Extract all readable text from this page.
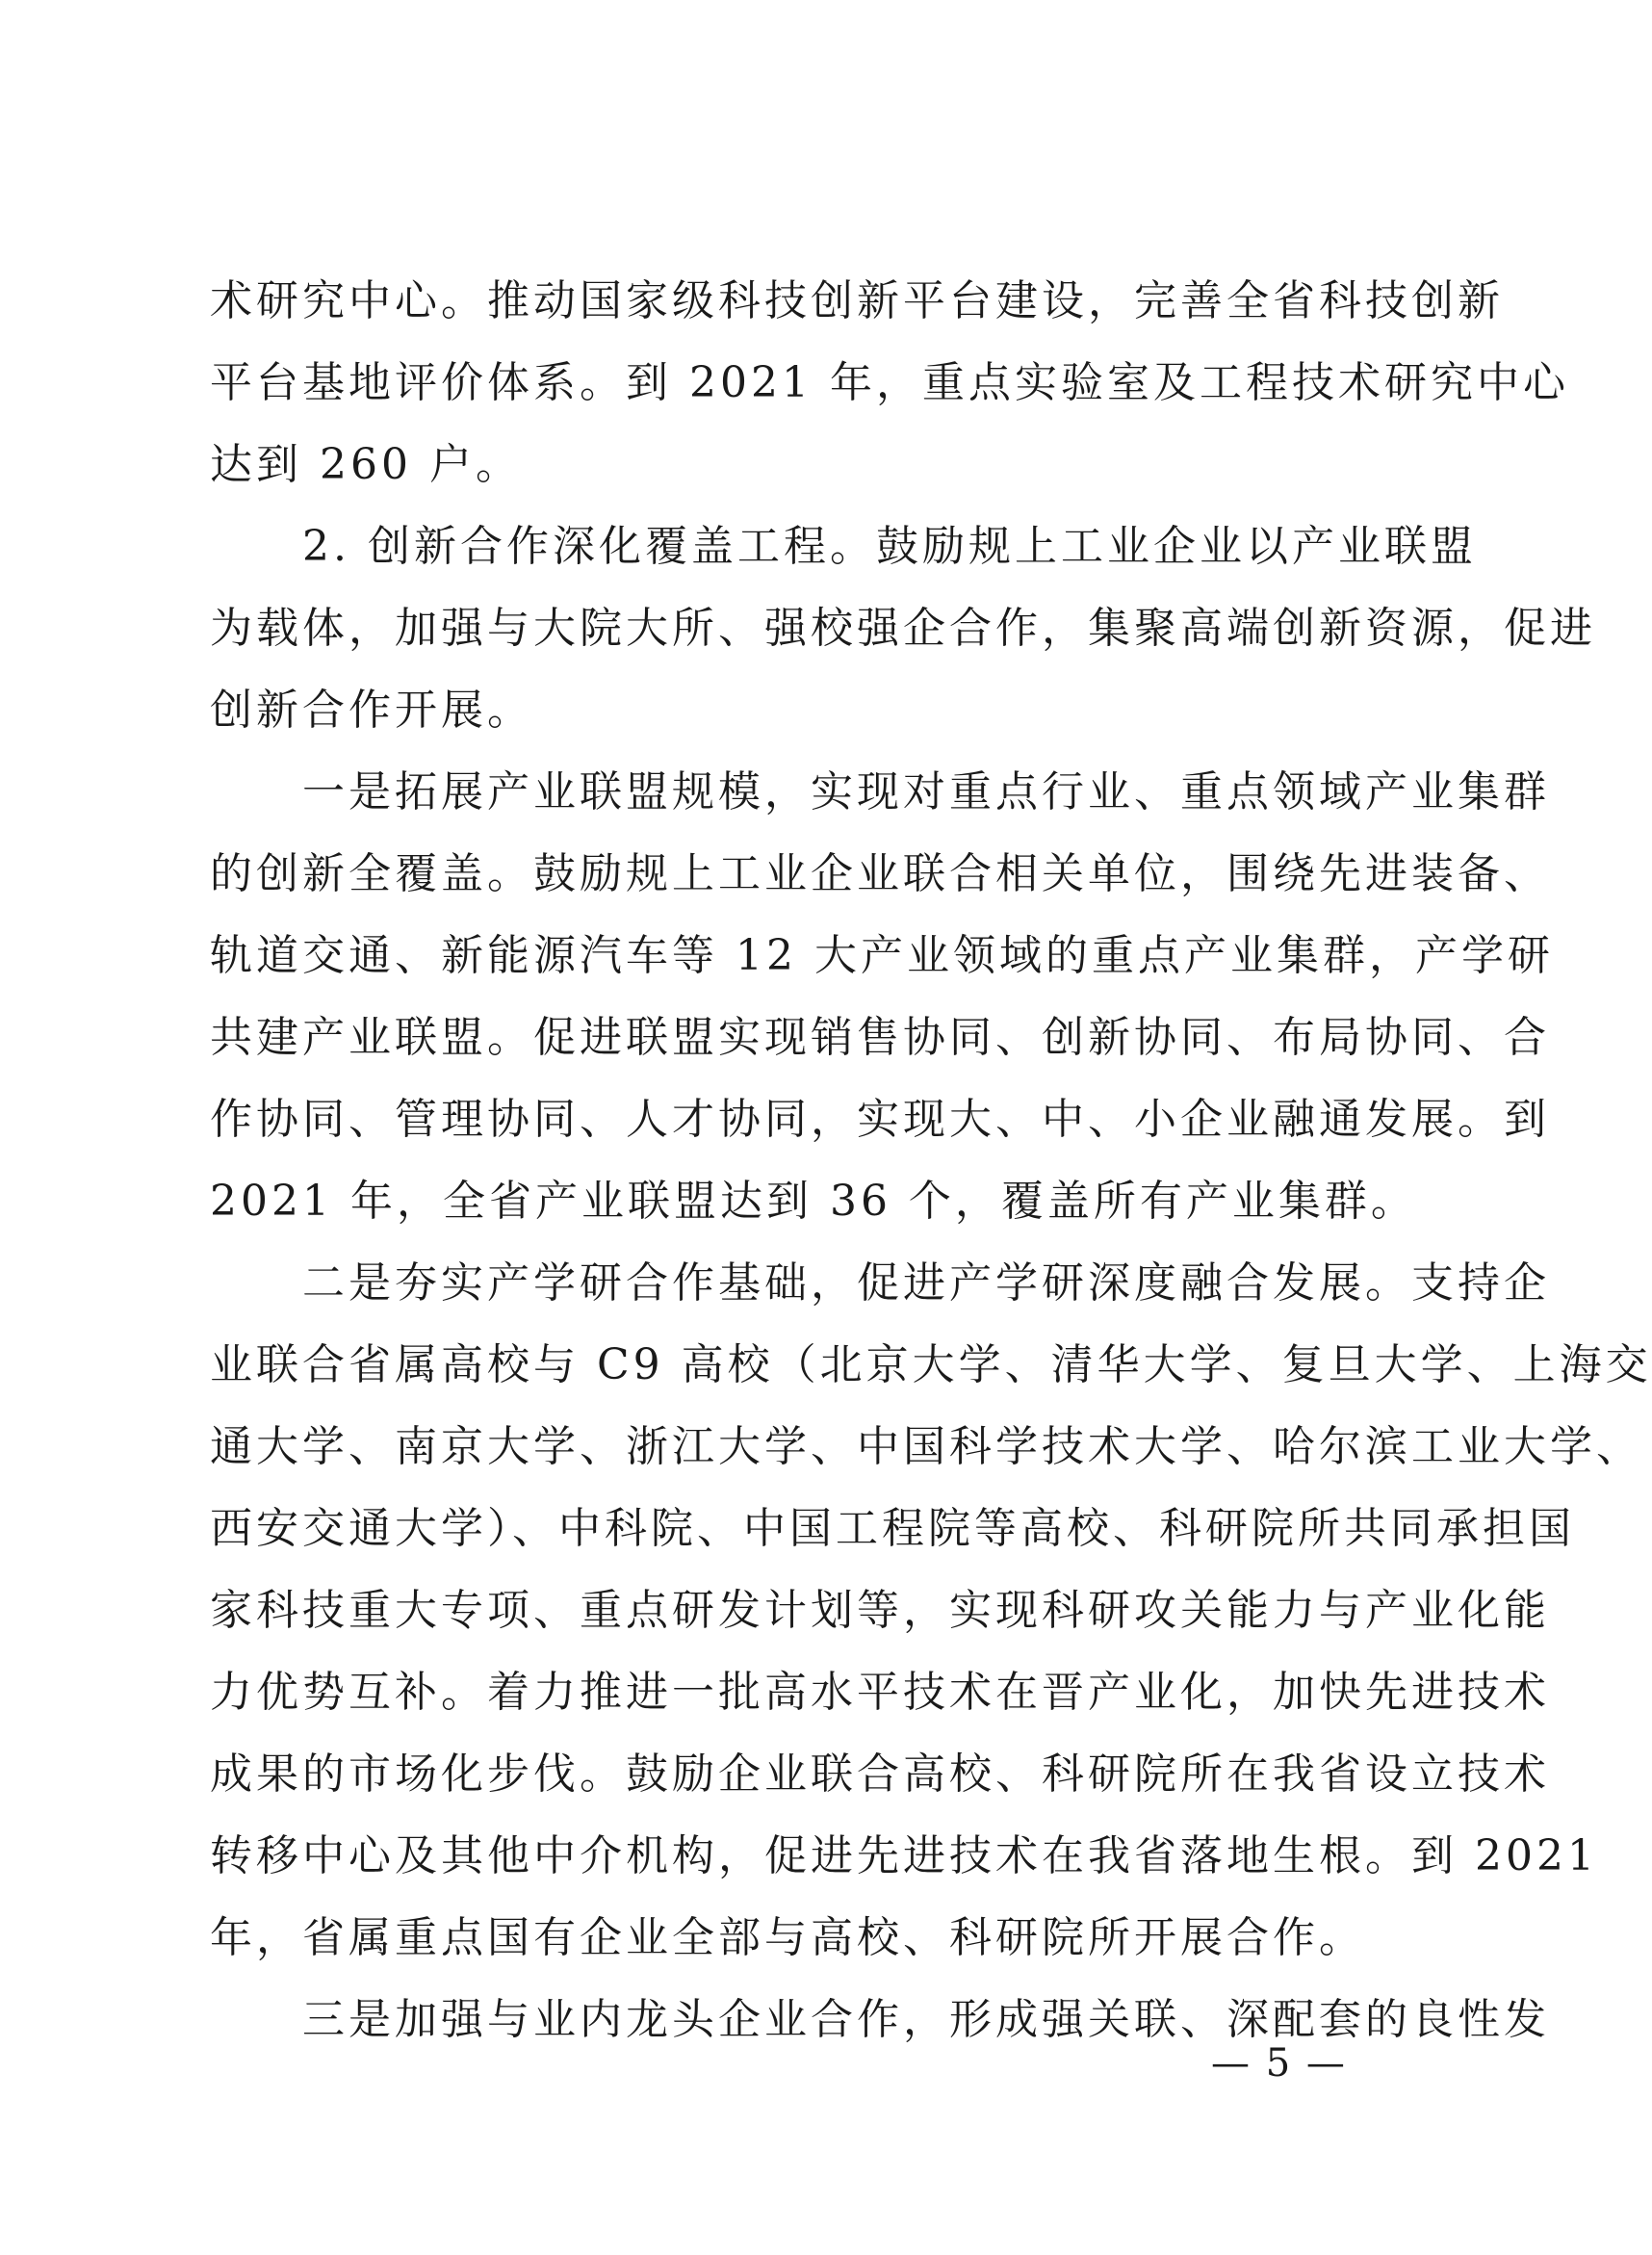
术研究中心。推动国家级科技创新平台建设，完善全省科技创新
平台基地评价体系。到 2021 年，重点实验室及工程技术研究中心
达到 260 户。
　　2. 创新合作深化覆盖工程。鼓励规上工业企业以产业联盟
为载体，加强与大院大所、强校强企合作，集聚高端创新资源，促进
创新合作开展。
　　一是拓展产业联盟规模，实现对重点行业、重点领域产业集群
的创新全覆盖。鼓励规上工业企业联合相关单位，围绕先进装备、
轨道交通、新能源汽车等 12 大产业领域的重点产业集群，产学研
共建产业联盟。促进联盟实现销售协同、创新协同、布局协同、合
作协同、管理协同、人才协同，实现大、中、小企业融通发展。到
2021 年，全省产业联盟达到 36 个，覆盖所有产业集群。
　　二是夯实产学研合作基础，促进产学研深度融合发展。支持企
业联合省属高校与 C9 高校（北京大学、清华大学、复旦大学、上海交
通大学、南京大学、浙江大学、中国科学技术大学、哈尔滨工业大学、
西安交通大学）、中科院、中国工程院等高校、科研院所共同承担国
家科技重大专项、重点研发计划等，实现科研攻关能力与产业化能
力优势互补。着力推进一批高水平技术在晋产业化，加快先进技术
成果的市场化步伐。鼓励企业联合高校、科研院所在我省设立技术
转移中心及其他中介机构，促进先进技术在我省落地生根。到 2021
年，省属重点国有企业全部与高校、科研院所开展合作。
　　三是加强与业内龙头企业合作，形成强关联、深配套的良性发
— 5 —
